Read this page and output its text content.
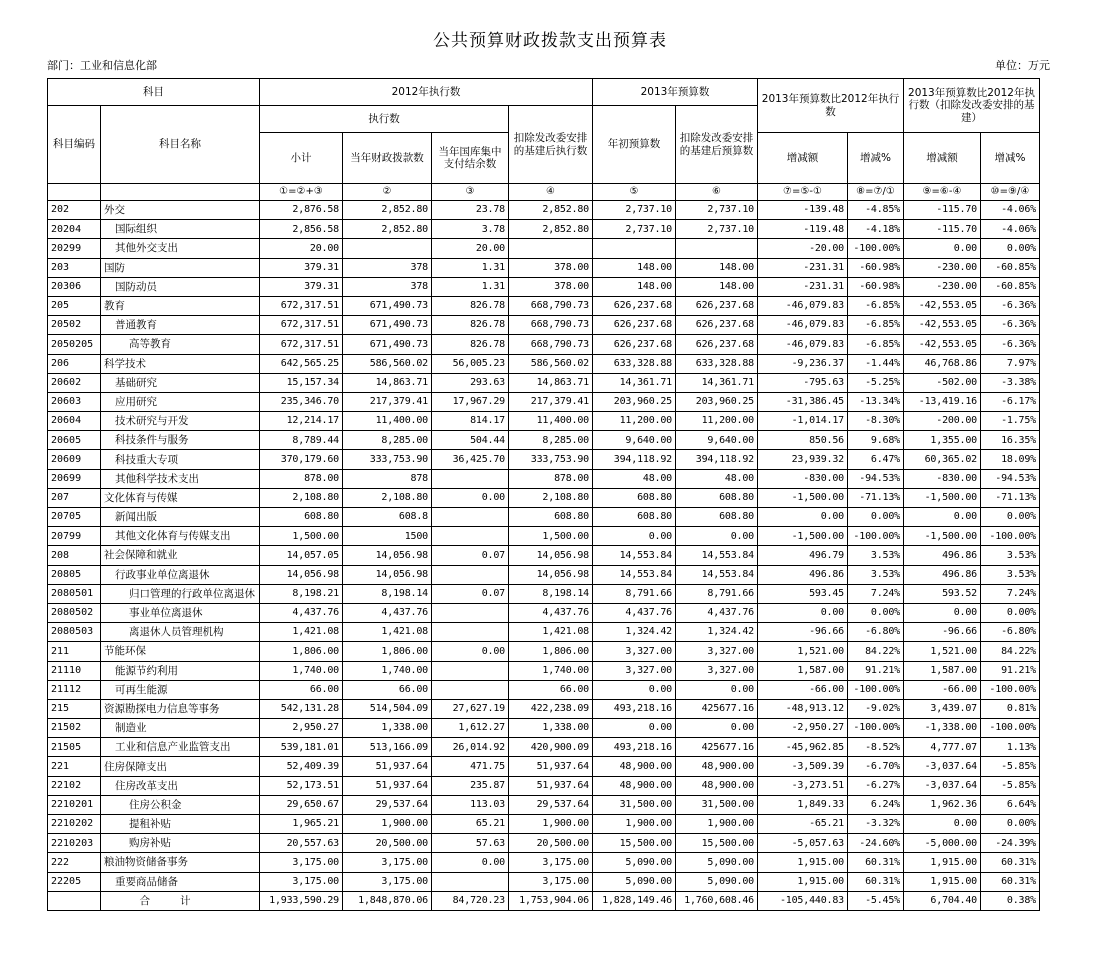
公共预算财政拨款支出预算表
部门：工业和信息化部	单位：万元
科目		2012年执行数				2013年预算数		2013年预算数比2012年执行数		2013年预算数比2012年执行数（扣除发改委安排的基建）	
科目编码	科目名称	执行数			扣除发改委安排的基建后执行数	年初预算数	扣除发改委安排的基建后预算数				
		小计	当年财政拨款数	当年国库集中支付结余数				增减额	增减%	增减额	增减%
		①=②+③	②	③	④	⑤	⑥	⑦=⑤-①	⑧=⑦/①	⑨=⑥-④	⑩=⑨/④
202	外交	2,876.58	2,852.80	23.78	2,852.80	2,737.10	2,737.10	-139.48	-4.85%	-115.70	-4.06%
20204	国际组织	2,856.58	2,852.80	3.78	2,852.80	2,737.10	2,737.10	-119.48	-4.18%	-115.70	-4.06%
20299	其他外交支出	20.00		20.00				-20.00	-100.00%	0.00	0.00%
203	国防	379.31	378	1.31	378.00	148.00	148.00	-231.31	-60.98%	-230.00	-60.85%
20306	国防动员	379.31	378	1.31	378.00	148.00	148.00	-231.31	-60.98%	-230.00	-60.85%
205	教育	672,317.51	671,490.73	826.78	668,790.73	626,237.68	626,237.68	-46,079.83	-6.85%	-42,553.05	-6.36%
20502	普通教育	672,317.51	671,490.73	826.78	668,790.73	626,237.68	626,237.68	-46,079.83	-6.85%	-42,553.05	-6.36%
2050205	高等教育	672,317.51	671,490.73	826.78	668,790.73	626,237.68	626,237.68	-46,079.83	-6.85%	-42,553.05	-6.36%
206	科学技术	642,565.25	586,560.02	56,005.23	586,560.02	633,328.88	633,328.88	-9,236.37	-1.44%	46,768.86	7.97%
20602	基础研究	15,157.34	14,863.71	293.63	14,863.71	14,361.71	14,361.71	-795.63	-5.25%	-502.00	-3.38%
20603	应用研究	235,346.70	217,379.41	17,967.29	217,379.41	203,960.25	203,960.25	-31,386.45	-13.34%	-13,419.16	-6.17%
20604	技术研究与开发	12,214.17	11,400.00	814.17	11,400.00	11,200.00	11,200.00	-1,014.17	-8.30%	-200.00	-1.75%
20605	科技条件与服务	8,789.44	8,285.00	504.44	8,285.00	9,640.00	9,640.00	850.56	9.68%	1,355.00	16.35%
20609	科技重大专项	370,179.60	333,753.90	36,425.70	333,753.90	394,118.92	394,118.92	23,939.32	6.47%	60,365.02	18.09%
20699	其他科学技术支出	878.00	878		878.00	48.00	48.00	-830.00	-94.53%	-830.00	-94.53%
207	文化体育与传媒	2,108.80	2,108.80	0.00	2,108.80	608.80	608.80	-1,500.00	-71.13%	-1,500.00	-71.13%
20705	新闻出版	608.80	608.8		608.80	608.80	608.80	0.00	0.00%	0.00	0.00%
20799	其他文化体育与传媒支出	1,500.00	1500		1,500.00	0.00	0.00	-1,500.00	-100.00%	-1,500.00	-100.00%
208	社会保障和就业	14,057.05	14,056.98	0.07	14,056.98	14,553.84	14,553.84	496.79	3.53%	496.86	3.53%
20805	行政事业单位离退休	14,056.98	14,056.98		14,056.98	14,553.84	14,553.84	496.86	3.53%	496.86	3.53%
2080501	归口管理的行政单位离退休	8,198.21	8,198.14	0.07	8,198.14	8,791.66	8,791.66	593.45	7.24%	593.52	7.24%
2080502	事业单位离退休	4,437.76	4,437.76		4,437.76	4,437.76	4,437.76	0.00	0.00%	0.00	0.00%
2080503	离退休人员管理机构	1,421.08	1,421.08		1,421.08	1,324.42	1,324.42	-96.66	-6.80%	-96.66	-6.80%
211	节能环保	1,806.00	1,806.00	0.00	1,806.00	3,327.00	3,327.00	1,521.00	84.22%	1,521.00	84.22%
21110	能源节约利用	1,740.00	1,740.00		1,740.00	3,327.00	3,327.00	1,587.00	91.21%	1,587.00	91.21%
21112	可再生能源	66.00	66.00		66.00	0.00	0.00	-66.00	-100.00%	-66.00	-100.00%
215	资源勘探电力信息等事务	542,131.28	514,504.09	27,627.19	422,238.09	493,218.16	425677.16	-48,913.12	-9.02%	3,439.07	0.81%
21502	制造业	2,950.27	1,338.00	1,612.27	1,338.00	0.00	0.00	-2,950.27	-100.00%	-1,338.00	-100.00%
21505	工业和信息产业监管支出	539,181.01	513,166.09	26,014.92	420,900.09	493,218.16	425677.16	-45,962.85	-8.52%	4,777.07	1.13%
221	住房保障支出	52,409.39	51,937.64	471.75	51,937.64	48,900.00	48,900.00	-3,509.39	-6.70%	-3,037.64	-5.85%
22102	住房改革支出	52,173.51	51,937.64	235.87	51,937.64	48,900.00	48,900.00	-3,273.51	-6.27%	-3,037.64	-5.85%
2210201	住房公积金	29,650.67	29,537.64	113.03	29,537.64	31,500.00	31,500.00	1,849.33	6.24%	1,962.36	6.64%
2210202	提租补贴	1,965.21	1,900.00	65.21	1,900.00	1,900.00	1,900.00	-65.21	-3.32%	0.00	0.00%
2210203	购房补贴	20,557.63	20,500.00	57.63	20,500.00	15,500.00	15,500.00	-5,057.63	-24.60%	-5,000.00	-24.39%
222	粮油物资储备事务	3,175.00	3,175.00	0.00	3,175.00	5,090.00	5,090.00	1,915.00	60.31%	1,915.00	60.31%
22205	重要商品储备	3,175.00	3,175.00		3,175.00	5,090.00	5,090.00	1,915.00	60.31%	1,915.00	60.31%
	合计	1,933,590.29	1,848,870.06	84,720.23	1,753,904.06	1,828,149.46	1,760,608.46	-105,440.83	-5.45%	6,704.40	0.38%
